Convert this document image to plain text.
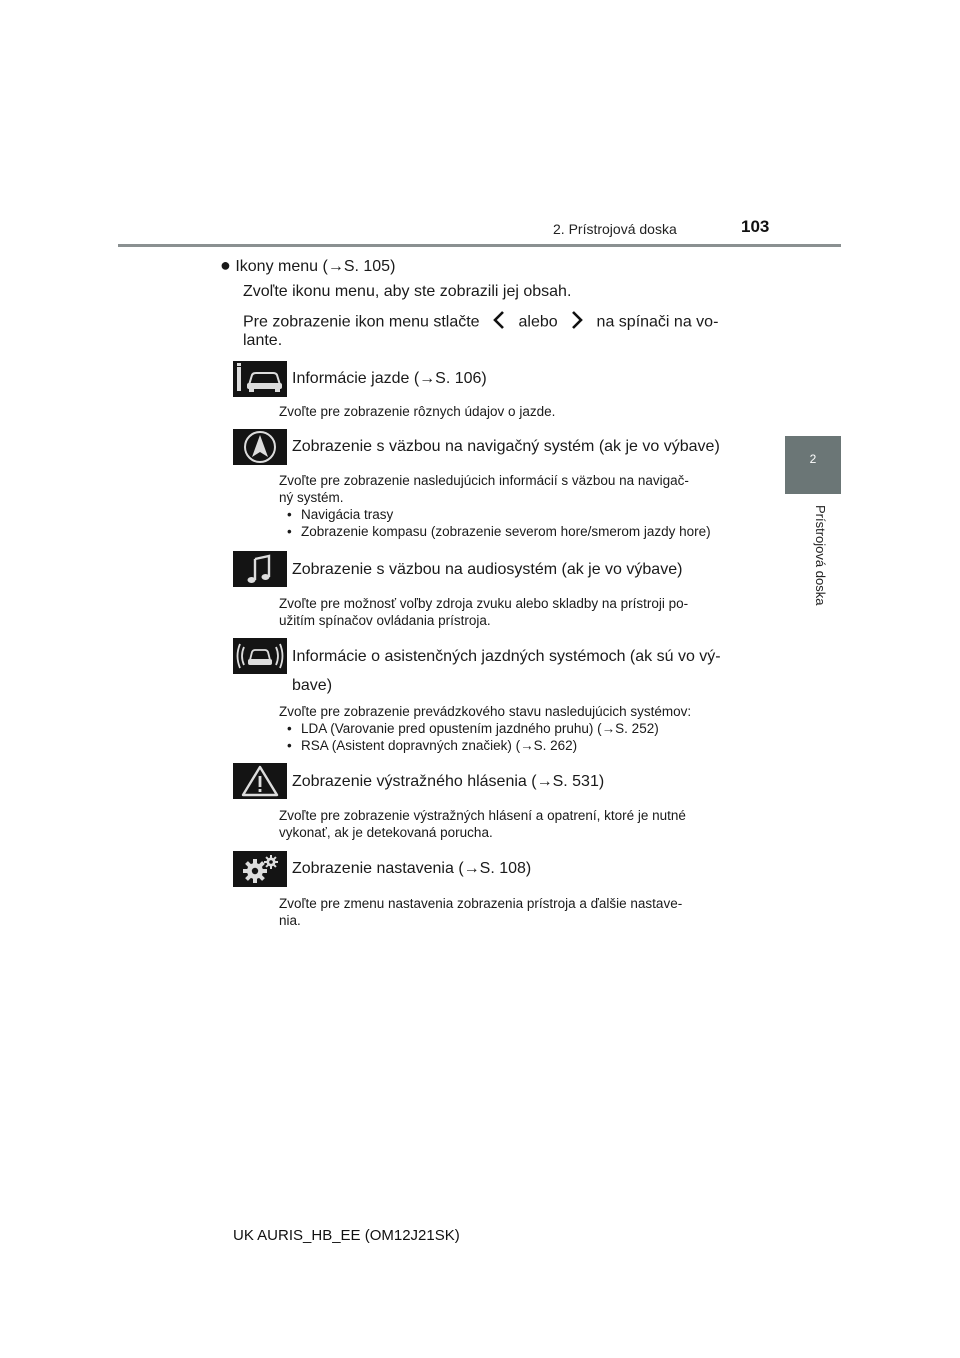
2. Prístrojová doska	103
2
Prístrojová doska
● Ikony menu (→S. 105)
Zvoľte ikonu menu, aby ste zobrazili jej obsah.
Pre zobrazenie ikon menu stlačte alebo na spínači na vo-
lante.
Informácie jazde (→S. 106)
Zvoľte pre zobrazenie rôznych údajov o jazde.
Zobrazenie s väzbou na navigačný systém (ak je vo výbave)
Zvoľte pre zobrazenie nasledujúcich informácií s väzbou na navigač-
ný systém.
• Navigácia trasy
• Zobrazenie kompasu (zobrazenie severom hore/smerom jazdy hore)
Zobrazenie s väzbou na audiosystém (ak je vo výbave)
Zvoľte pre možnosť voľby zdroja zvuku alebo skladby na prístroji po-
užitím spínačov ovládania prístroja.
Informácie o asistenčných jazdných systémoch (ak sú vo vý-
bave)
Zvoľte pre zobrazenie prevádzkového stavu nasledujúcich systémov:
• LDA (Varovanie pred opustením jazdného pruhu) (→S. 252)
• RSA (Asistent dopravných značiek) (→S. 262)
Zobrazenie výstražného hlásenia (→S. 531)
Zvoľte pre zobrazenie výstražných hlásení a opatrení, ktoré je nutné
vykonať, ak je detekovaná porucha.
Zobrazenie nastavenia (→S. 108)
Zvoľte pre zmenu nastavenia zobrazenia prístroja a ďalšie nastave-
nia.
UK AURIS_HB_EE (OM12J21SK)
